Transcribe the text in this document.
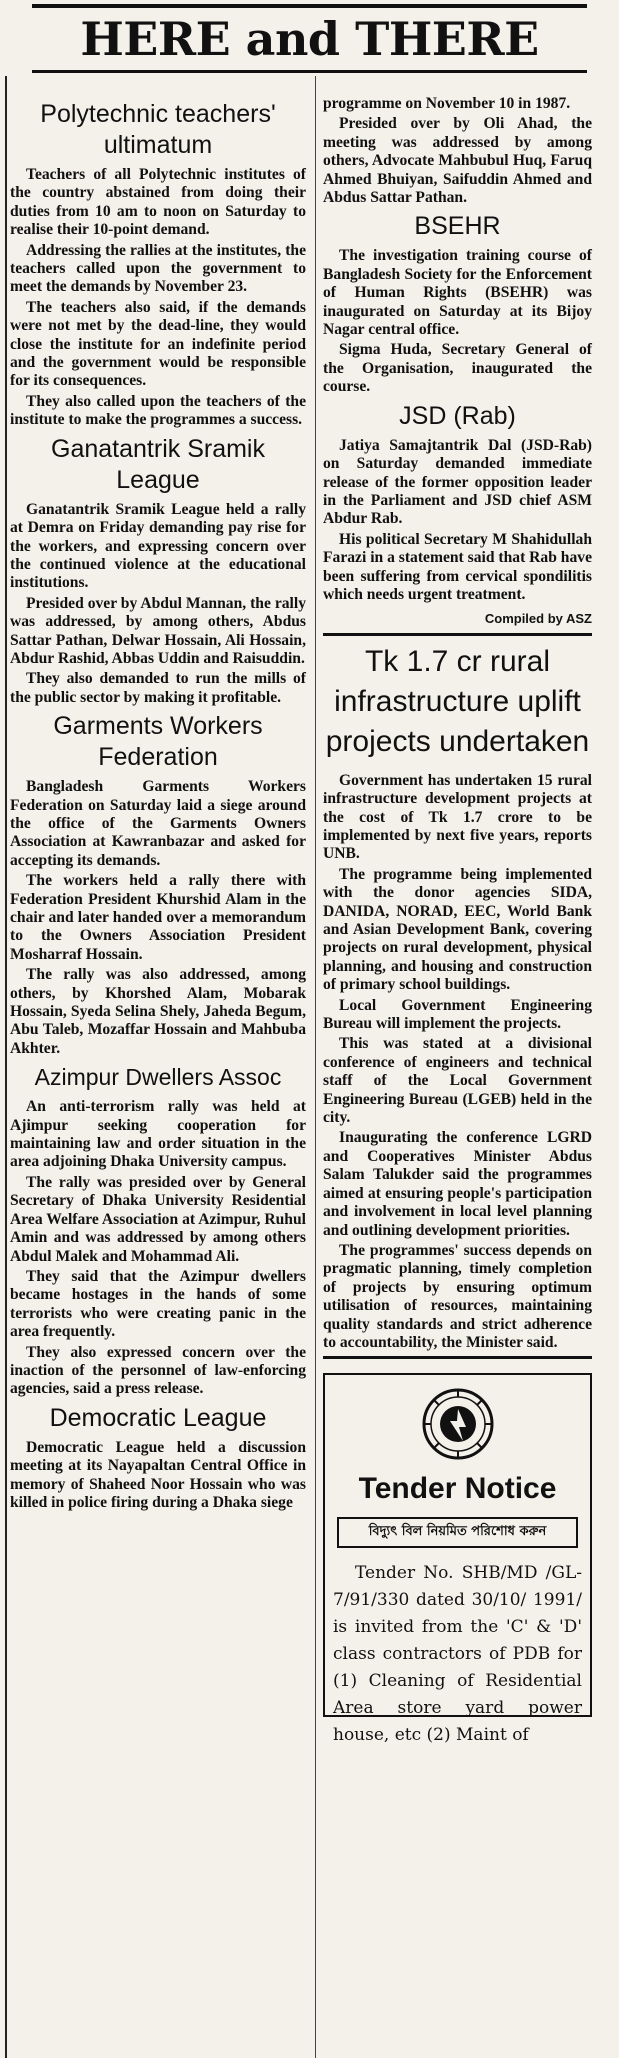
HERE and THERE
Polytechnic teachers' ultimatum

Teachers of all Polytechnic institutes of the country abstained from doing their duties from 10 am to noon on Saturday to realise their 10-point demand.

Addressing the rallies at the institutes, the teachers called upon the government to meet the demands by November 23.

The teachers also said, if the demands were not met by the dead-line, they would close the institute for an indefinite period and the government would be responsible for its consequences.

They also called upon the teachers of the institute to make the programmes a success.

Ganatantrik Sramik League

Ganatantrik Sramik League held a rally at Demra on Friday demanding pay rise for the workers, and expressing concern over the continued violence at the educational institutions.

Presided over by Abdul Mannan, the rally was addressed, by among others, Abdus Sattar Pathan, Delwar Hossain, Ali Hossain, Abdur Rashid, Abbas Uddin and Raisuddin.

They also demanded to run the mills of the public sector by making it profitable.

Garments Workers Federation

Bangladesh Garments Workers Federation on Saturday laid a siege around the office of the Garments Owners Association at Kawranbazar and asked for accepting its demands.

The workers held a rally there with Federation President Khurshid Alam in the chair and later handed over a memorandum to the Owners Association President Mosharraf Hossain.

The rally was also addressed, among others, by Khorshed Alam, Mobarak Hossain, Syeda Selina Shely, Jaheda Begum, Abu Taleb, Mozaffar Hossain and Mahbuba Akhter.

Azimpur Dwellers Assoc

An anti-terrorism rally was held at Ajimpur seeking cooperation for maintaining law and order situation in the area adjoining Dhaka University campus.

The rally was presided over by General Secretary of Dhaka University Residential Area Welfare Association at Azimpur, Ruhul Amin and was addressed by among others Abdul Malek and Mohammad Ali.

They said that the Azimpur dwellers became hostages in the hands of some terrorists who were creating panic in the area frequently.

They also expressed concern over the inaction of the personnel of law-enforcing agencies, said a press release.

Democratic League

Democratic League held a discussion meeting at its Nayapaltan Central Office in memory of Shaheed Noor Hossain who was killed in police firing during a Dhaka siege

programme on November 10 in 1987.

Presided over by Oli Ahad, the meeting was addressed by among others, Advocate Mahbubul Huq, Faruq Ahmed Bhuiyan, Saifuddin Ahmed and Abdus Sattar Pathan.

BSEHR

The investigation training course of Bangladesh Society for the Enforcement of Human Rights (BSEHR) was inaugurated on Saturday at its Bijoy Nagar central office.

Sigma Huda, Secretary General of the Organisation, inaugurated the course.

JSD (Rab)

Jatiya Samajtantrik Dal (JSD-Rab) on Saturday demanded immediate release of the former opposition leader in the Parliament and JSD chief ASM Abdur Rab.

His political Secretary M Shahidullah Farazi in a statement said that Rab have been suffering from cervical spondilitis which needs urgent treatment.

Compiled by ASZ
Tk 1.7 cr rural infrastructure uplift projects undertaken

Government has undertaken 15 rural infrastructure development projects at the cost of Tk 1.7 crore to be implemented by next five years, reports UNB.

The programme being implemented with the donor agencies SIDA, DANIDA, NORAD, EEC, World Bank and Asian Development Bank, covering projects on rural development, physical planning, and housing and construction of primary school buildings.

Local Government Engineering Bureau will implement the projects.

This was stated at a divisional conference of engineers and technical staff of the Local Government Engineering Bureau (LGEB) held in the city.

Inaugurating the conference LGRD and Cooperatives Minister Abdus Salam Talukder said the programmes aimed at ensuring people's participation and involvement in local level planning and outlining development priorities.

The programmes' success depends on pragmatic planning, timely completion of projects by ensuring optimum utilisation of resources, maintaining quality standards and strict adherence to accountability, the Minister said.

Tender Notice
বিদ্যুৎ বিল নিয়মিত পরিশোধ করুন
Tender No. SHB/MD /GL-7/91/330 dated 30/10/ 1991/ is invited from the 'C' & 'D' class contractors of PDB for (1) Cleaning of Residential Area store yard power house, etc (2) Maint of
